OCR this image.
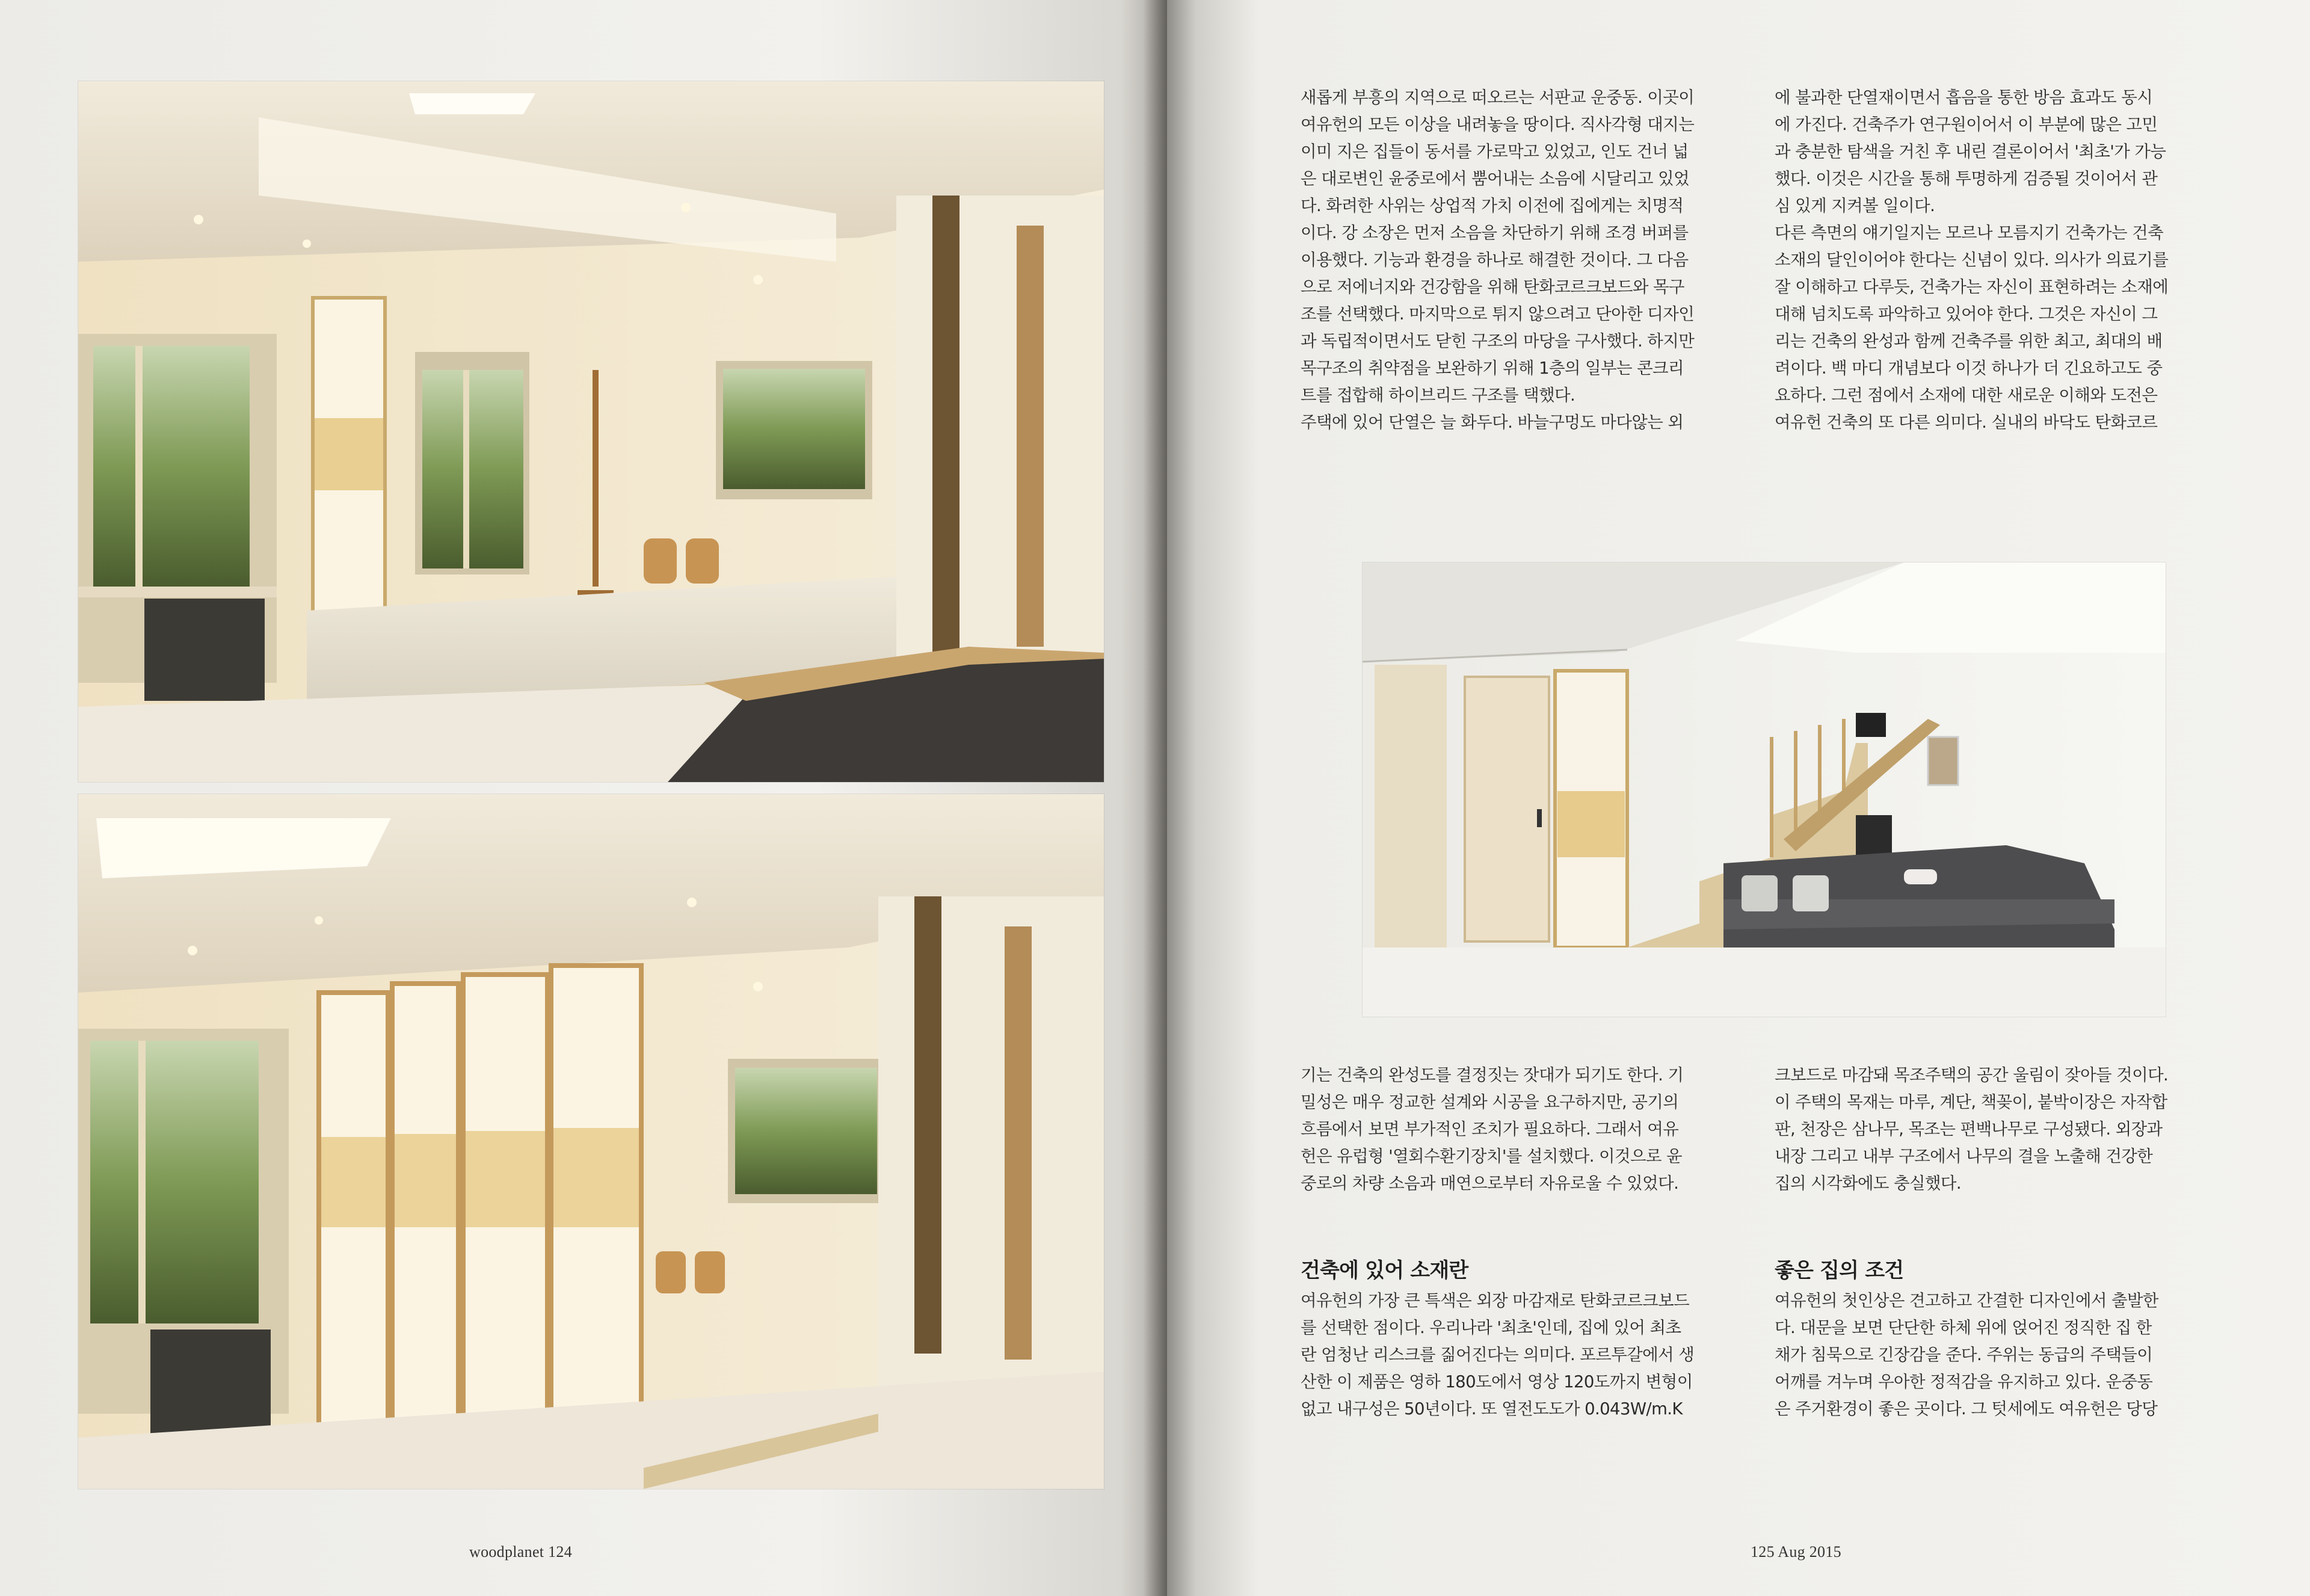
woodplanet 124

새롭게 부흥의 지역으로 떠오르는 서판교 운중동. 이곳이

여유헌의 모든 이상을 내려놓을 땅이다. 직사각형 대지는

이미 지은 집들이 동서를 가로막고 있었고, 인도 건너 넓

은 대로변인 윤중로에서 뿜어내는 소음에 시달리고 있었

다. 화려한 사위는 상업적 가치 이전에 집에게는 치명적

이다. 강 소장은 먼저 소음을 차단하기 위해 조경 버퍼를

이용했다. 기능과 환경을 하나로 해결한 것이다. 그 다음

으로 저에너지와 건강함을 위해 탄화코르크보드와 목구

조를 선택했다. 마지막으로 튀지 않으려고 단아한 디자인

과 독립적이면서도 닫힌 구조의 마당을 구사했다. 하지만

목구조의 취약점을 보완하기 위해 1층의 일부는 콘크리

트를 접합해 하이브리드 구조를 택했다.

주택에 있어 단열은 늘 화두다. 바늘구멍도 마다않는 외

에 불과한 단열재이면서 흡음을 통한 방음 효과도 동시

에 가진다. 건축주가 연구원이어서 이 부분에 많은 고민

과 충분한 탐색을 거친 후 내린 결론이어서 '최초'가 가능

했다. 이것은 시간을 통해 투명하게 검증될 것이어서 관

심 있게 지켜볼 일이다.

다른 측면의 얘기일지는 모르나 모름지기 건축가는 건축

소재의 달인이어야 한다는 신념이 있다. 의사가 의료기를

잘 이해하고 다루듯, 건축가는 자신이 표현하려는 소재에

대해 넘치도록 파악하고 있어야 한다. 그것은 자신이 그

리는 건축의 완성과 함께 건축주를 위한 최고, 최대의 배

려이다. 백 마디 개념보다 이것 하나가 더 긴요하고도 중

요하다. 그런 점에서 소재에 대한 새로운 이해와 도전은

여유헌 건축의 또 다른 의미다. 실내의 바닥도 탄화코르

기는 건축의 완성도를 결정짓는 잣대가 되기도 한다. 기

밀성은 매우 정교한 설계와 시공을 요구하지만, 공기의

흐름에서 보면 부가적인 조치가 필요하다. 그래서 여유

헌은 유럽형 '열회수환기장치'를 설치했다. 이것으로 윤

중로의 차량 소음과 매연으로부터 자유로울 수 있었다.

크보드로 마감돼 목조주택의 공간 울림이 잦아들 것이다.

이 주택의 목재는 마루, 계단, 책꽂이, 붙박이장은 자작합

판, 천장은 삼나무, 목조는 편백나무로 구성됐다. 외장과

내장 그리고 내부 구조에서 나무의 결을 노출해 건강한

집의 시각화에도 충실했다.

건축에 있어 소재란

여유헌의 가장 큰 특색은 외장 마감재로 탄화코르크보드

를 선택한 점이다. 우리나라 '최초'인데, 집에 있어 최초

란 엄청난 리스크를 짊어진다는 의미다. 포르투갈에서 생

산한 이 제품은 영하 180도에서 영상 120도까지 변형이

없고 내구성은 50년이다. 또 열전도도가 0.043W/m.K

좋은 집의 조건

여유헌의 첫인상은 견고하고 간결한 디자인에서 출발한

다. 대문을 보면 단단한 하체 위에 얹어진 정직한 집 한

채가 침묵으로 긴장감을 준다. 주위는 동급의 주택들이

어깨를 겨누며 우아한 정적감을 유지하고 있다. 운중동

은 주거환경이 좋은 곳이다. 그 텃세에도 여유헌은 당당

125 Aug 2015
